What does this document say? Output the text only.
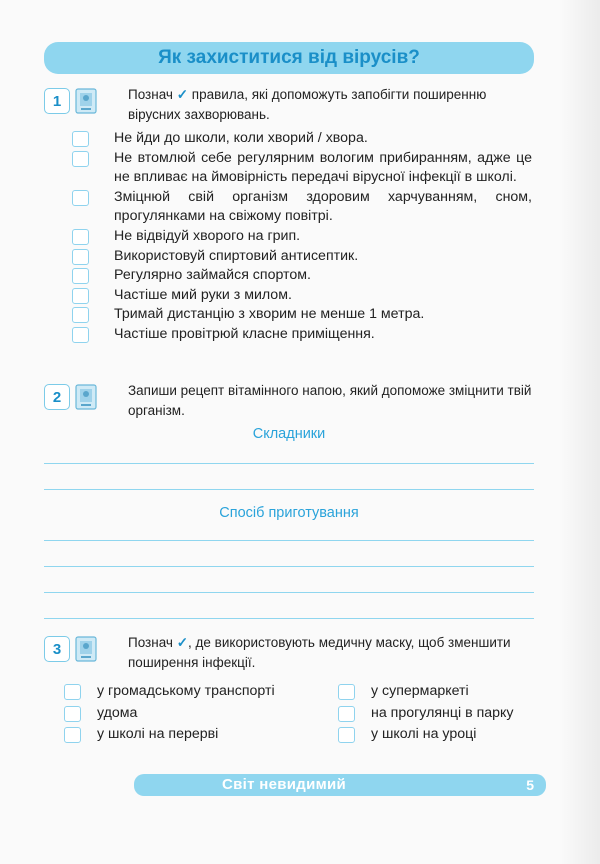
Як захиститися від вірусів?
1	Познач ✓ правила, які допоможуть запобігти поширенню вірусних захворювань.
Не йди до школи, коли хворий / хвора.
Не втомлюй себе регулярним вологим прибиранням, адже це не впливає на ймовірність передачі вірусної інфекції в школі.
Зміцнюй свій організм здоровим харчуванням, сном, прогулянками на свіжому повітрі.
Не відвідуй хворого на грип.
Використовуй спиртовий антисептик.
Регулярно займайся спортом.
Частіше мий руки з милом.
Тримай дистанцію з хворим не менше 1 метра.
Частіше провітрюй класне приміщення.
2	Запиши рецепт вітамінного напою, який допоможе зміцнити твій організм.
Складники
Спосіб приготування
3	Познач ✓, де використовують медичну маску, щоб зменшити поширення інфекції.
у громадському транспорті
удома
у школі на перерві
у супермаркеті
на прогулянці в парку
у школі на уроці
Світ невидимий	5
